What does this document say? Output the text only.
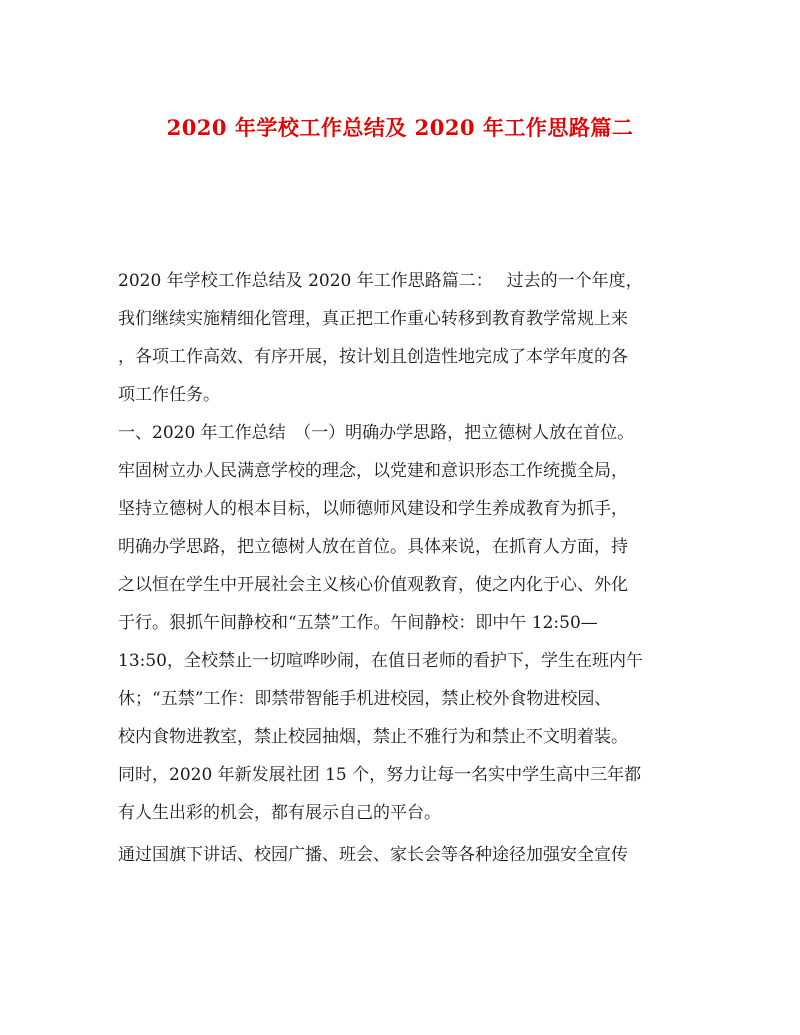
2020 年学校工作总结及 2020 年工作思路篇二
2020 年学校工作总结及 2020 年工作思路篇二：　 过去的一个年度，
我们继续实施精细化管理，真正把工作重心转移到教育教学常规上来
，各项工作高效、有序开展，按计划且创造性地完成了本学年度的各
项工作任务。
一、2020 年工作总结　（一）明确办学思路，把立德树人放在首位。
牢固树立办人民满意学校的理念，以党建和意识形态工作统揽全局，
坚持立德树人的根本目标，以师德师风建设和学生养成教育为抓手，
明确办学思路，把立德树人放在首位。具体来说，在抓育人方面，持
之以恒在学生中开展社会主义核心价值观教育，使之内化于心、外化
于行。狠抓午间静校和“五禁”工作。午间静校：即中午 12:50—
13:50，全校禁止一切喧哗吵闹，在值日老师的看护下，学生在班内午
休；“五禁”工作：即禁带智能手机进校园，禁止校外食物进校园、
校内食物进教室，禁止校园抽烟，禁止不雅行为和禁止不文明着装。
同时，2020 年新发展社团 15 个，努力让每一名实中学生高中三年都
有人生出彩的机会，都有展示自己的平台。
通过国旗下讲话、校园广播、班会、家长会等各种途径加强安全宣传
